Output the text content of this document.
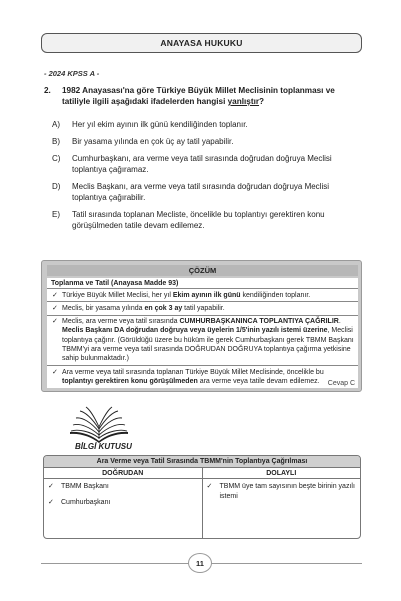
ANAYASA HUKUKU
- 2024 KPSS A -
2. 1982 Anayasası'na göre Türkiye Büyük Millet Meclisinin toplanması ve tatiliyle ilgili aşağıdaki ifadelerden hangisi yanlıştır?
A) Her yıl ekim ayının ilk günü kendiliğinden toplanır.
B) Bir yasama yılında en çok üç ay tatil yapabilir.
C) Cumhurbaşkanı, ara verme veya tatil sırasında doğrudan doğruya Meclisi toplantıya çağıramaz.
D) Meclis Başkanı, ara verme veya tatil sırasında doğrudan doğruya Meclisi toplantıya çağırabilir.
E) Tatil sırasında toplanan Mecliste, öncelikle bu toplantıyı gerektiren konu görüşülmeden tatile devam edilemez.
ÇÖZÜM
Toplanma ve Tatil (Anayasa Madde 93)
✓ Türkiye Büyük Millet Meclisi, her yıl Ekim ayının ilk günü kendiliğinden toplanır.
✓ Meclis, bir yasama yılında en çok 3 ay tatil yapabilir.
✓ Meclis, ara verme veya tatil sırasında CUMHURBAŞKANINCA TOPLANTIYA ÇAĞRILIR. Meclis Başkanı DA doğrudan doğruya veya üyelerin 1/5'inin yazılı istemi üzerine, Meclisi toplantıya çağırır. (Görüldüğü üzere bu hüküm ile gerek Cumhurbaşkanı gerek TBMM Başkanı TBMM'yi ara verme veya tatil sırasında DOĞRUDAN DOĞRUYA toplantıya çağırma yetkisine sahip bulunmaktadır.)
✓ Ara verme veya tatil sırasında toplanan Türkiye Büyük Millet Meclisinde, öncelikle bu toplantıyı gerektiren konu görüşülmeden ara verme veya tatile devam edilemez.	Cevap C
BİLGİ KUTUSU
Ara Verme veya Tatil Sırasında TBMM'nin Toplantıya Çağrılması
DOĞRUDAN	DOLAYLI
✓ TBMM Başkanı
✓ Cumhurbaşkanı
✓ TBMM üye tam sayısının beşte birinin yazılı istemi
11
